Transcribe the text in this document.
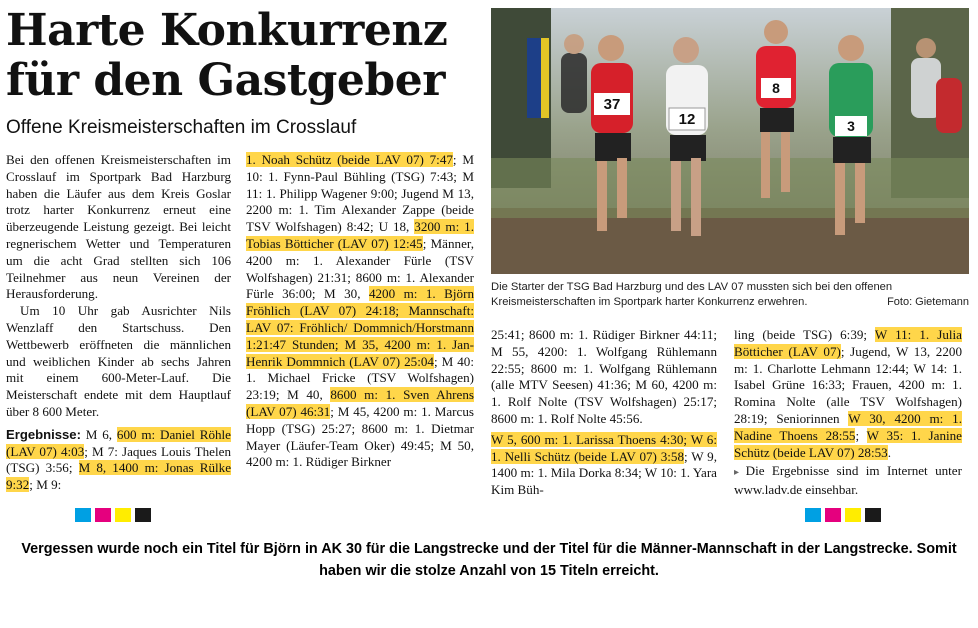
Harte Konkurrenz für den Gastgeber
Offene Kreismeisterschaften im Crosslauf

Bei den offenen Kreismeisterschaften im Crosslauf im Sportpark Bad Harzburg haben die Läufer aus dem Kreis Goslar trotz harter Konkurrenz erneut eine überzeugende Leistung gezeigt. Bei leicht regnerischem Wetter und Temperaturen um die acht Grad stellten sich 106 Teilnehmer aus neun Vereinen der Herausforderung.

Um 10 Uhr gab Ausrichter Nils Wenzlaff den Startschuss. Den Wettbewerb eröffneten die männlichen und weiblichen Kinder ab sechs Jahren mit einem 600-Meter-Lauf. Die Meisterschaft endete mit dem Hauptlauf über 8 600 Meter.

Ergebnisse: M 6, 600 m: Daniel Röhle (LAV 07) 4:03; M 7: Jaques Louis Thelen (TSG) 3:56; M 8, 1400 m: Jonas Rülke 9:32; M 9:

1. Noah Schütz (beide LAV 07) 7:47; M 10: 1. Fynn-Paul Bühling (TSG) 7:43; M 11: 1. Philipp Wagener 9:00; Jugend M 13, 2200 m: 1. Tim Alexander Zappe (beide TSV Wolfshagen) 8:42; U 18, 3200 m: 1. Tobias Bötticher (LAV 07) 12:45; Männer, 4200 m: 1. Alexander Fürle (TSV Wolfshagen) 21:31; 8600 m: 1. Alexander Fürle 36:00; M 30, 4200 m: 1. Björn Fröhlich (LAV 07) 24:18; Mannschaft: LAV 07: Fröhlich/ Dommnich/Horstmann 1:21:47 Stunden; M 35, 4200 m: 1. Jan-Henrik Dommnich (LAV 07) 25:04; M 40: 1. Michael Fricke (TSV Wolfshagen) 23:19; M 40, 8600 m: 1. Sven Ahrens (LAV 07) 46:31; M 45, 4200 m: 1. Marcus Hopp (TSG) 25:27; 8600 m: 1. Dietmar Mayer (Läufer-Team Oker) 49:45; M 50, 4200 m: 1. Rüdiger Birkner

37
12
8
3
Die Starter der TSG Bad Harzburg und des LAV 07 mussten sich bei den offenen Kreismeisterschaften im Sportpark harter Konkurrenz erwehren.	Foto: Gietemann

25:41; 8600 m: 1. Rüdiger Birkner 44:11; M 55, 4200: 1. Wolfgang Rühlemann 22:55; 8600 m: 1. Wolfgang Rühlemann (alle MTV Seesen) 41:36; M 60, 4200 m: 1. Rolf Nolte (TSV Wolfshagen) 25:17; 8600 m: 1. Rolf Nolte 45:56.

W 5, 600 m: 1. Larissa Thoens 4:30; W 6: 1. Nelli Schütz (beide LAV 07) 3:58; W 9, 1400 m: 1. Mila Dorka 8:34; W 10: 1. Yara Kim Büh-

ling (beide TSG) 6:39; W 11: 1. Julia Bötticher (LAV 07); Jugend, W 13, 2200 m: 1. Charlotte Lehmann 12:44; W 14: 1. Isabel Grüne 16:33; Frauen, 4200 m: 1. Romina Nolte (alle TSV Wolfshagen) 28:19; Seniorinnen W 30, 4200 m: 1. Nadine Thoens 28:55; W 35: 1. Janine Schütz (beide LAV 07) 28:53.

▸ Die Ergebnisse sind im Internet unter www.ladv.de einsehbar.

Vergessen wurde noch ein Titel für Björn in AK 30 für die Langstrecke und der Titel für die Männer-Mannschaft in der Langstrecke. Somit haben wir die stolze Anzahl von 15 Titeln erreicht.
